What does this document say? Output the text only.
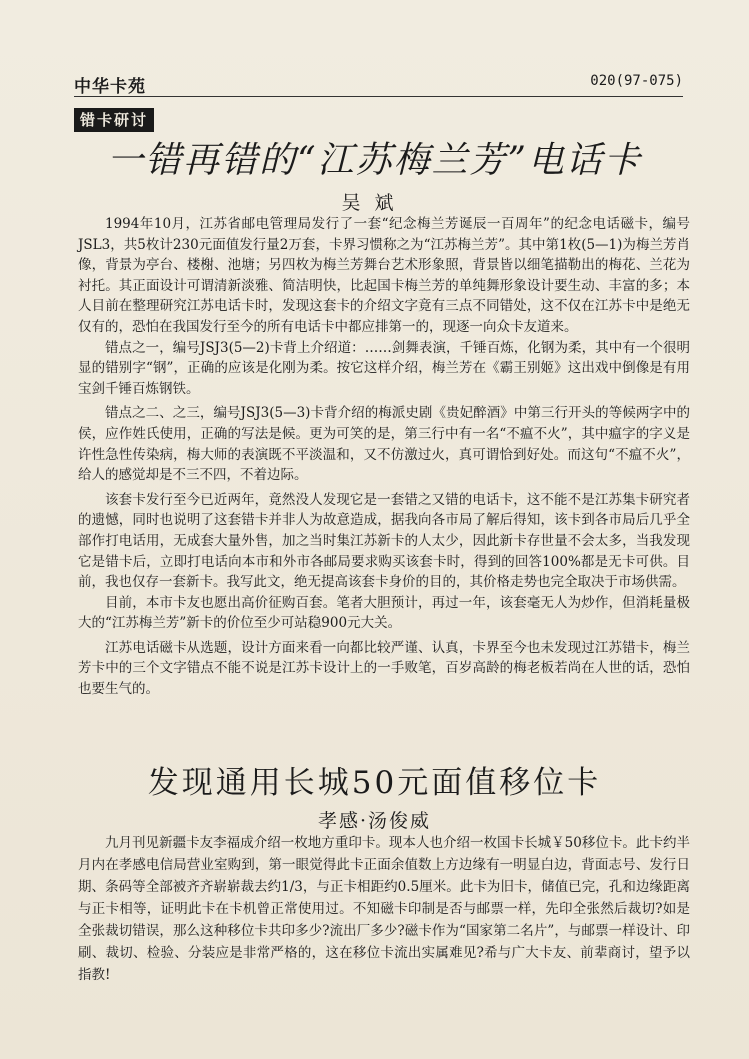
中华卡苑	020(97-075)
错卡研讨
一错再错的“江苏梅兰芳”电话卡
吴斌

1994年10月，江苏省邮电管理局发行了一套“纪念梅兰芳诞辰一百周年”的纪念电话磁卡，编号JSL3，共5枚计230元面值发行量2万套，卡界习惯称之为“江苏梅兰芳”。其中第1枚(5—1)为梅兰芳肖像，背景为亭台、楼榭、池塘；另四枚为梅兰芳舞台艺术形象照，背景皆以细笔描勒出的梅花、兰花为衬托。其正面设计可谓清新淡雅、简洁明快，比起国卡梅兰芳的单纯舞形象设计要生动、丰富的多；本人目前在整理研究江苏电话卡时，发现这套卡的介绍文字竟有三点不同错处，这不仅在江苏卡中是绝无仅有的，恐怕在我国发行至今的所有电话卡中都应排第一的，现逐一向众卡友道来。

错点之一，编号JSJ3(5—2)卡背上介绍道：……剑舞表演，千锤百炼，化钢为柔，其中有一个很明显的错别字“钢”，正确的应该是化刚为柔。按它这样介绍，梅兰芳在《霸王别姬》这出戏中倒像是有用宝剑千锤百炼钢铁。

错点之二、之三，编号JSJ3(5—3)卡背介绍的梅派史剧《贵妃醉酒》中第三行开头的等候两字中的侯，应作姓氏使用，正确的写法是候。更为可笑的是，第三行中有一名“不瘟不火”，其中瘟字的字义是许性急性传染病，梅大师的表演既不平淡温和，又不仿激过火，真可谓恰到好处。而这句“不瘟不火”，给人的感觉却是不三不四，不着边际。

该套卡发行至今已近两年，竟然没人发现它是一套错之又错的电话卡，这不能不是江苏集卡研究者的遗憾，同时也说明了这套错卡并非人为故意造成，据我向各市局了解后得知，该卡到各市局后几乎全部作打电话用，无成套大量外售，加之当时集江苏新卡的人太少，因此新卡存世量不会太多，当我发现它是错卡后，立即打电话向本市和外市各邮局要求购买该套卡时，得到的回答100%都是无卡可供。目前，我也仅存一套新卡。我写此文，绝无提高该套卡身价的目的，其价格走势也完全取决于市场供需。

目前，本市卡友也愿出高价征购百套。笔者大胆预计，再过一年，该套毫无人为炒作，但消耗量极大的“江苏梅兰芳”新卡的价位至少可站稳900元大关。

江苏电话磁卡从选题，设计方面来看一向都比较严谨、认真，卡界至今也未发现过江苏错卡，梅兰芳卡中的三个文字错点不能不说是江苏卡设计上的一手败笔，百岁高龄的梅老板若尚在人世的话，恐怕也要生气的。

发现通用长城50元面值移位卡
孝感·汤俊威

九月刊见新疆卡友李福成介绍一枚地方重印卡。现本人也介绍一枚国卡长城￥50移位卡。此卡约半月内在孝感电信局营业室购到，第一眼觉得此卡正面余值数上方边缘有一明显白边，背面志号、发行日期、条码等全部被齐齐崭崭裁去约1/3，与正卡相距约0.5厘米。此卡为旧卡，储值已完，孔和边缘距离与正卡相等，证明此卡在卡机曾正常使用过。不知磁卡印制是否与邮票一样，先印全张然后裁切?如是全张裁切错误，那么这种移位卡共印多少?流出厂多少?磁卡作为“国家第二名片”，与邮票一样设计、印刷、裁切、检验、分装应是非常严格的，这在移位卡流出实属难见?希与广大卡友、前辈商讨，望予以指教!
